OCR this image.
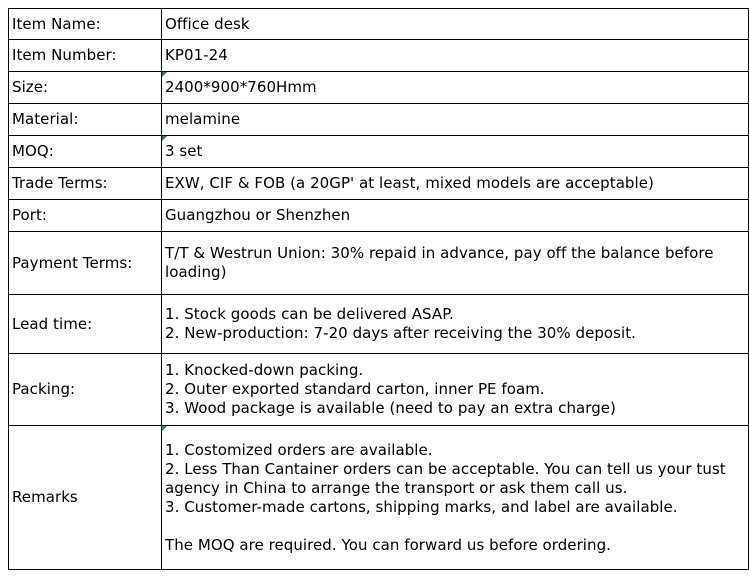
Item Name:	Office desk
Item Number:	KP01-24
Size:	2400*900*760Hmm
Material:	melamine
MOQ:	3 set
Trade Terms:	EXW, CIF & FOB (a 20GP' at least, mixed models are acceptable)
Port:	Guangzhou or Shenzhen
Payment Terms:	T/T & Westrun Union: 30% repaid in advance, pay off the balance before loading)
Lead time:	1. Stock goods can be delivered ASAP.
2. New-production: 7-20 days after receiving the 30% deposit.

Packing:	1. Knocked-down packing.
2. Outer exported standard carton, inner PE foam.
3. Wood package is available (need to pay an extra charge)

Remarks	1. Costomized orders are available.
2. Less Than Cantainer orders can be acceptable. You can tell us your tust agency in China to arrange the transport or ask them call us.
3. Customer-made cartons, shipping marks, and label are available.
The MOQ are required. You can forward us before ordering.
